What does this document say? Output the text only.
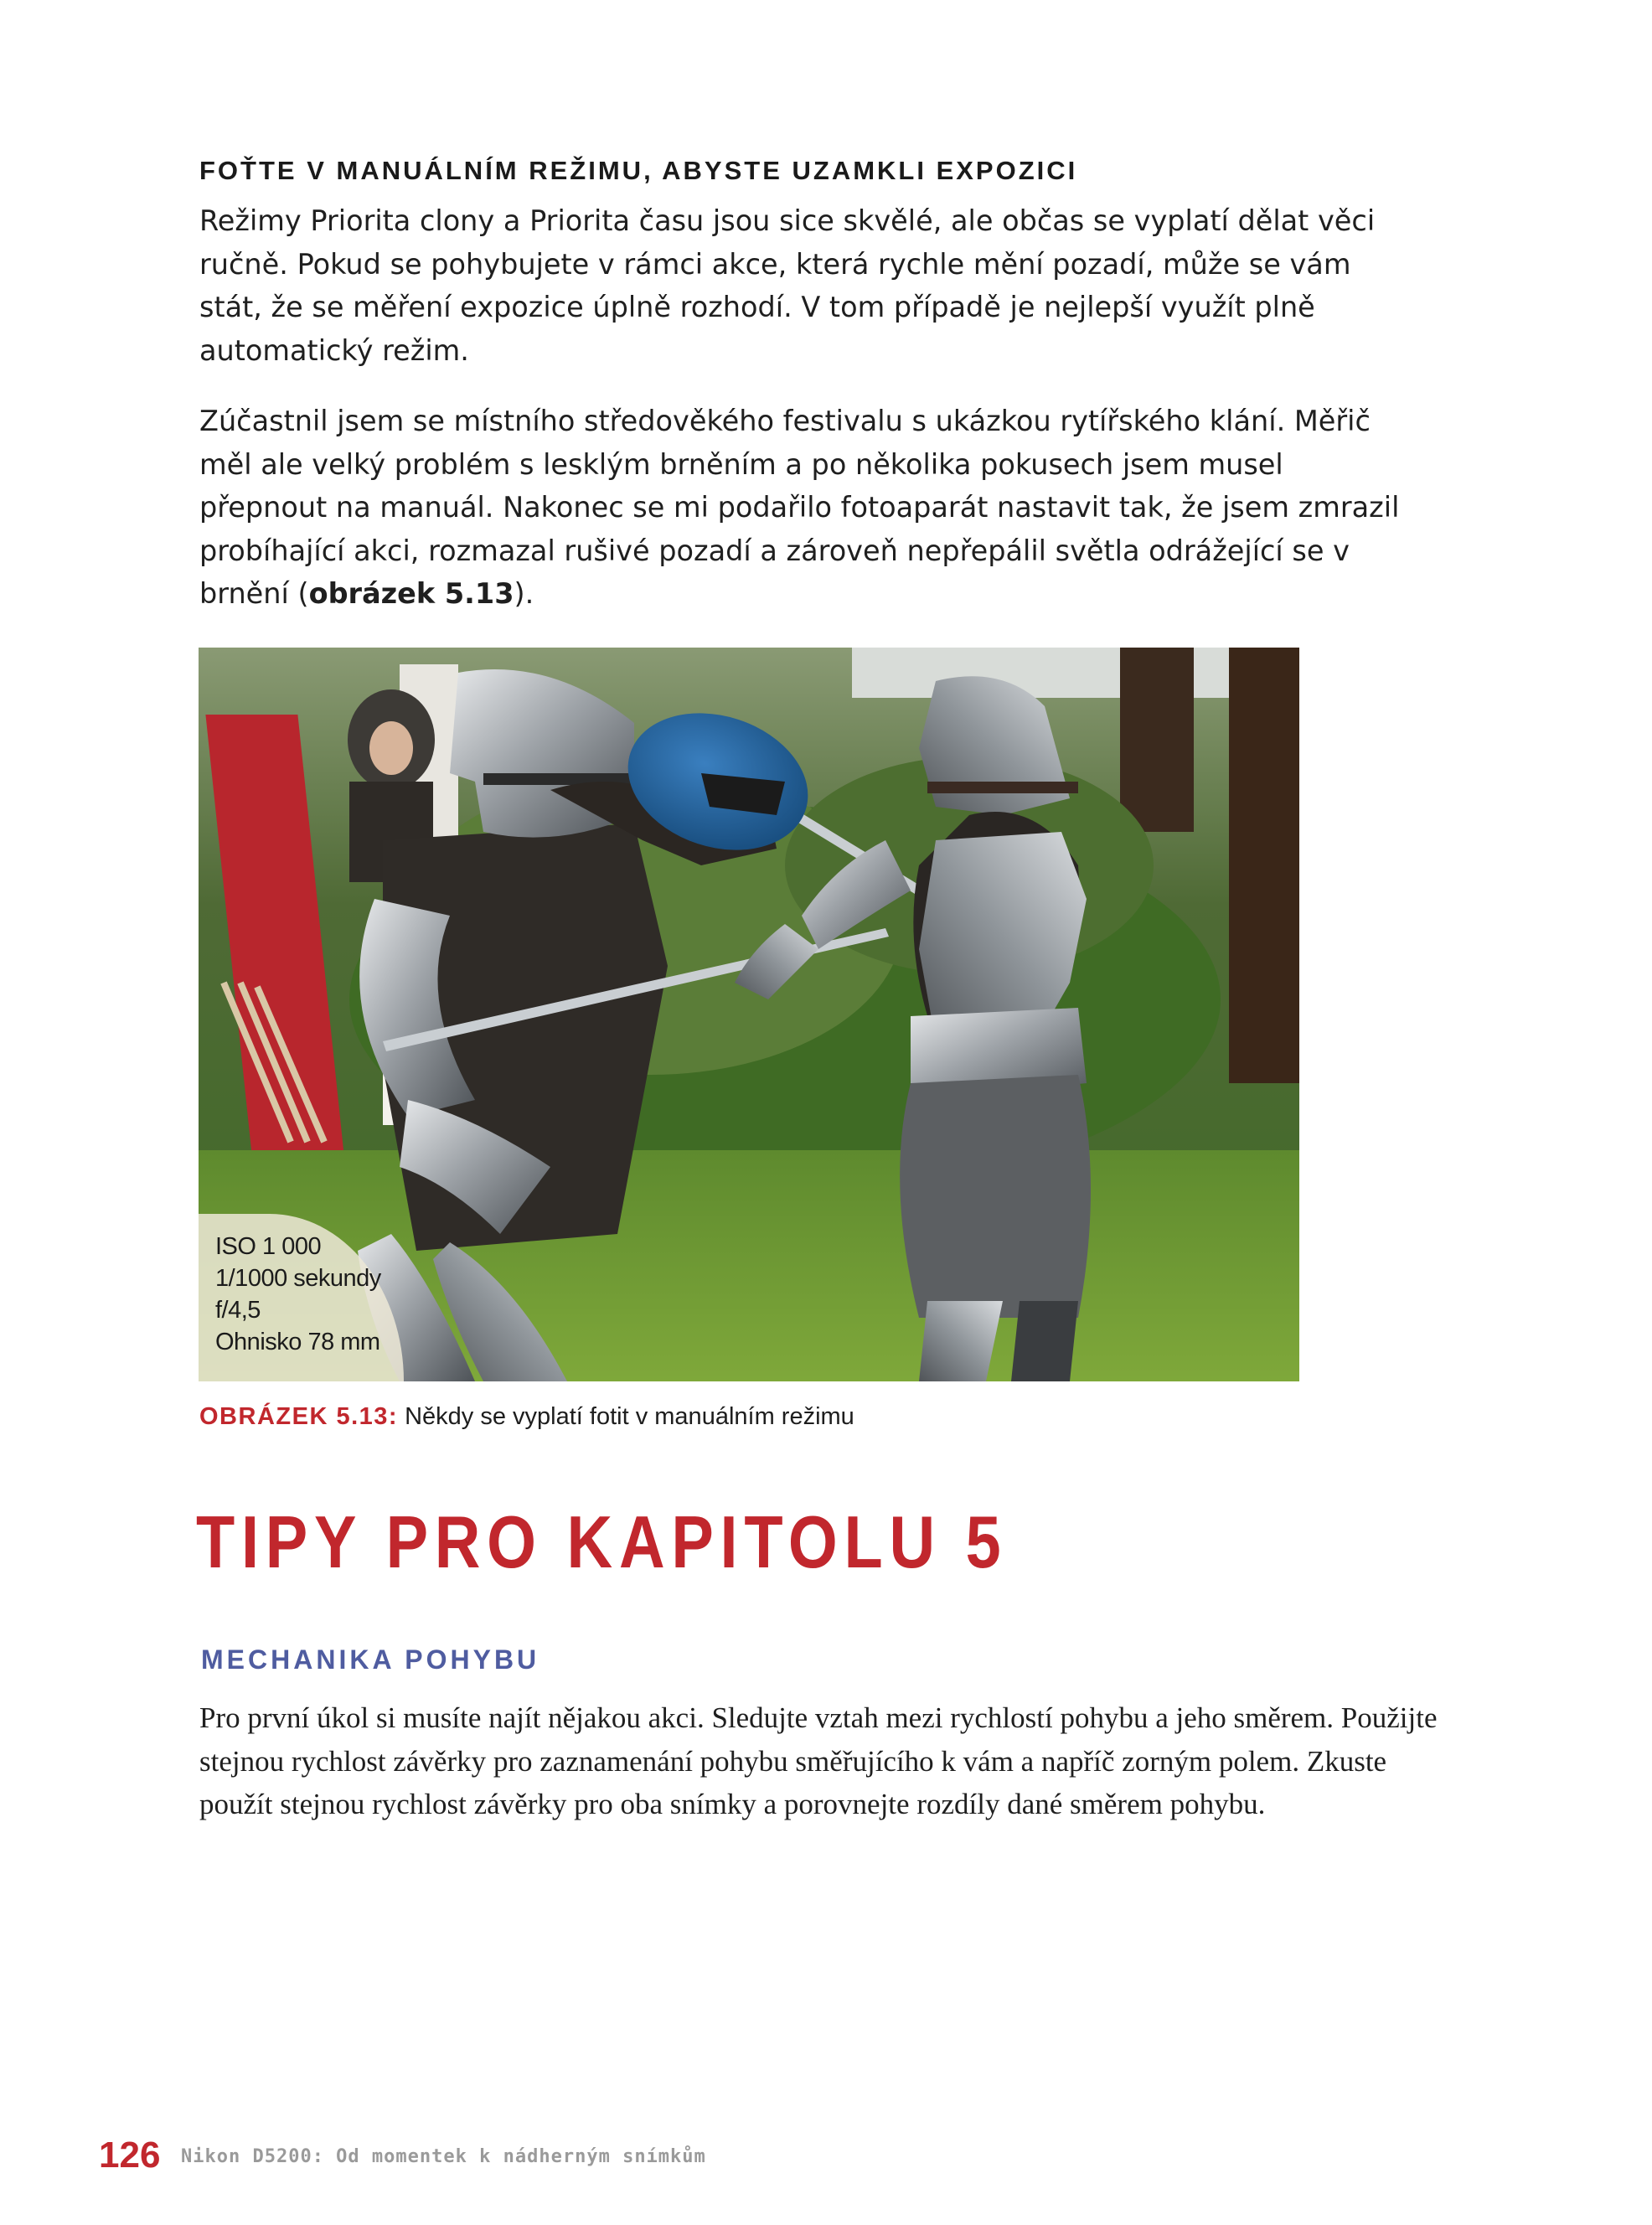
FOŤTE V MANUÁLNÍM REŽIMU, ABYSTE UZAMKLI EXPOZICI
Režimy Priorita clony a Priorita času jsou sice skvělé, ale občas se vyplatí dělat věci ručně. Pokud se pohybujete v rámci akce, která rychle mění pozadí, může se vám stát, že se měření expozice úplně rozhodí. V tom případě je nejlepší využít plně automatický režim.
Zúčastnil jsem se místního středověkého festivalu s ukázkou rytířského klání. Měřič měl ale velký problém s lesklým brněním a po několika pokusech jsem musel přepnout na manuál. Nakonec se mi podařilo fotoaparát nastavit tak, že jsem zmrazil probíhající akci, rozmazal rušivé pozadí a zároveň nepřepálil světla odrážející se v brnění (obrázek 5.13).
ISO 1 000
1/1000 sekundy
f/4,5
Ohnisko 78 mm
OBRÁZEK 5.13: Někdy se vyplatí fotit v manuálním režimu
TIPY PRO KAPITOLU 5
MECHANIKA POHYBU
Pro první úkol si musíte najít nějakou akci. Sledujte vztah mezi rychlostí pohybu a jeho směrem. Použijte stejnou rychlost závěrky pro zaznamenání pohybu směřujícího k vám a napříč zorným polem. Zkuste použít stejnou rychlost závěrky pro oba snímky a porovnejte rozdíly dané směrem pohybu.
126 Nikon D5200: Od momentek k nádherným snímkům
